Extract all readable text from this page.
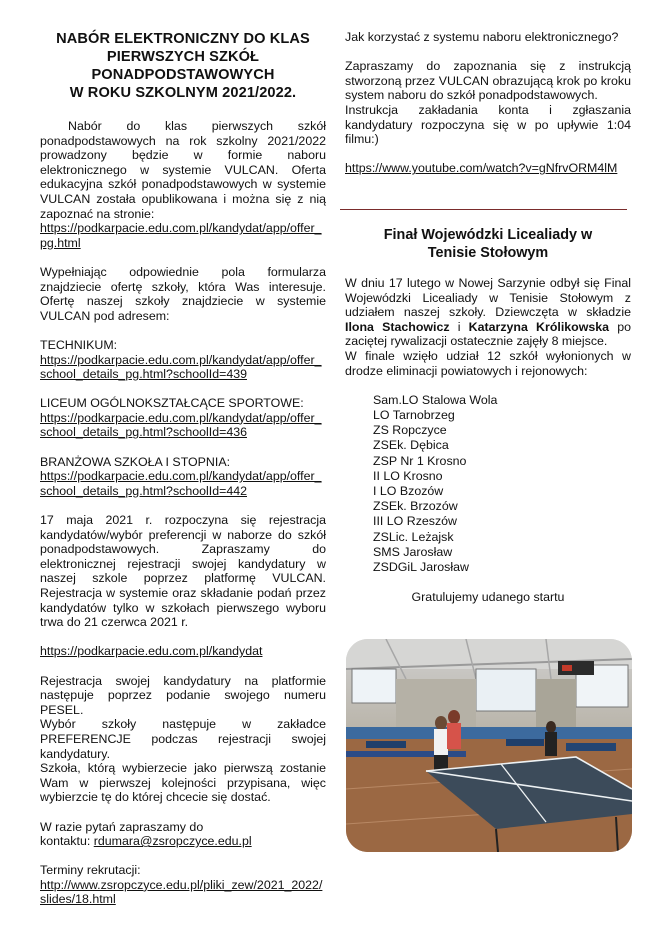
NABÓR ELEKTRONICZNY DO KLAS
PIERWSZYCH SZKÓŁ
PONADPODSTAWOWYCH
W ROKU SZKOLNYM 2021/2022.

Nabór do klas pierwszych szkół ponadpodstawowych na rok szkolny 2021/2022 prowadzony będzie w formie naboru elektronicznego w systemie VULCAN. Oferta edukacyjna szkół ponadpodstawowych w systemie VULCAN została opublikowana i można się z nią zapoznać na stronie:

https://podkarpacie.edu.com.pl/kandydat/app/offer_
pg.html

Wypełniając odpowiednie pola formularza znajdziecie ofertę szkoły, która Was interesuje. Ofertę naszej szkoły znajdziecie w systemie VULCAN pod adresem:

TECHNIKUM:

https://podkarpacie.edu.com.pl/kandydat/app/offer_
school_details_pg.html?schoolId=439

LICEUM OGÓLNOKSZTAŁCĄCE SPORTOWE:

https://podkarpacie.edu.com.pl/kandydat/app/offer_
school_details_pg.html?schoolId=436

BRANŻOWA SZKOŁA I STOPNIA:

https://podkarpacie.edu.com.pl/kandydat/app/offer_
school_details_pg.html?schoolId=442

17 maja 2021 r. rozpoczyna się rejestracja kandydatów/wybór preferencji w naborze do szkół ponadpodstawowych. Zapraszamy do elektronicznej rejestracji swojej kandydatury w naszej szkole poprzez platformę VULCAN. Rejestracja w systemie oraz składanie podań przez kandydatów tylko w szkołach pierwszego wyboru trwa do 21 czerwca 2021 r.

https://podkarpacie.edu.com.pl/kandydat

Rejestracja swojej kandydatury na platformie następuje poprzez podanie swojego numeru PESEL.

Wybór szkoły następuje w zakładce PREFERENCJE podczas rejestracji swojej kandydatury.

Szkoła, którą wybierzecie jako pierwszą zostanie Wam w pierwszej kolejności przypisana, więc wybierzcie tę do której chcecie się dostać.

W razie pytań zapraszamy do

kontaktu: rdumara@zsropczyce.edu.pl

Terminy rekrutacji:

http://www.zsropczyce.edu.pl/pliki_zew/2021_2022/
slides/18.html

Jak korzystać z systemu naboru elektronicznego?

Zapraszamy do zapoznania się z instrukcją stworzoną przez VULCAN obrazującą krok po kroku system naboru do szkół ponadpodstawowych.

Instrukcja zakładania konta i zgłaszania kandydatury rozpoczyna się w po upływie 1:04 filmu:)

https://www.youtube.com/watch?v=gNfrvORM4lM
Finał Wojewódzki Licealiady w
Tenisie Stołowym

W dniu 17 lutego w Nowej Sarzynie odbył się Final Wojewódzki Licealiady w Tenisie Stołowym z udziałem naszej szkoły. Dziewczęta w składzie Ilona Stachowicz i Katarzyna Królikowska po zaciętej rywalizacji ostatecznie zajęły 8 miejsce.

W finale wzięło udział 12 szkół wyłonionych w drodze eliminacji powiatowych i rejonowych:

Sam.LO Stalowa Wola
LO Tarnobrzeg
ZS Ropczyce
ZSEk. Dębica
ZSP Nr 1 Krosno
II LO Krosno
I LO Bzozów
ZSEk. Brzozów
III LO Rzeszów
ZSLic. Leżajsk
SMS Jarosław
ZSDGiL Jarosław

Gratulujemy udanego startu
